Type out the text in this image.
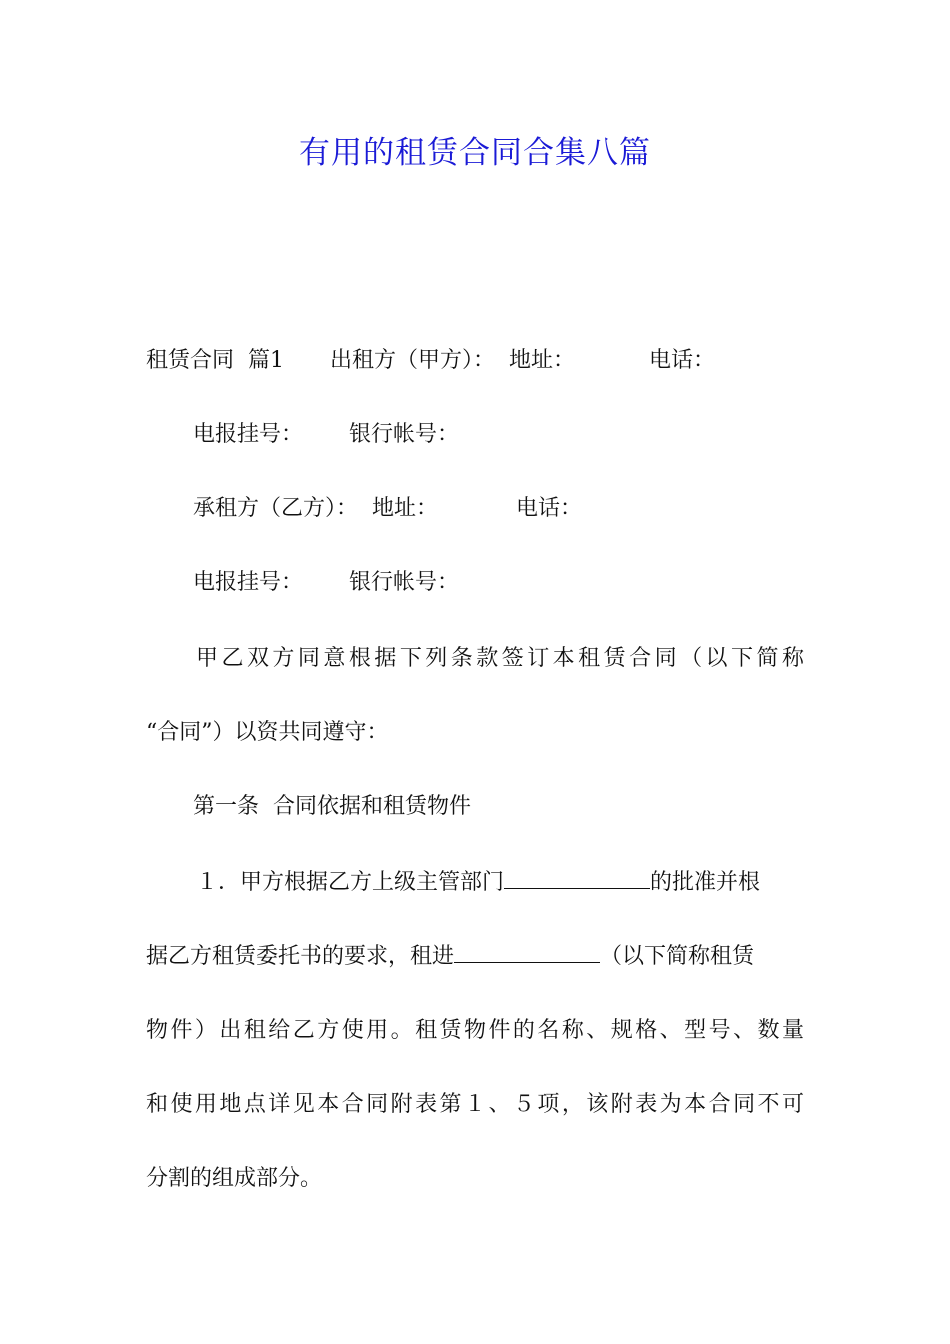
有用的租赁合同合集八篇
租赁合同 篇1 出租方（甲方）： 地址：	电话：
电报挂号： 银行帐号：
承租方（乙方）： 地址：	电话：
电报挂号： 银行帐号：
甲乙双方同意根据下列条款签订本租赁合同（以下简称
“合同”）以资共同遵守：
第一条  合同依据和租赁物件
１．甲方根据乙方上级主管部门	的批准并根
据乙方租赁委托书的要求，租进	（以下简称租赁
物件）出租给乙方使用。租赁物件的名称、规格、型号、数量
和使用地点详见本合同附表第１、５项，该附表为本合同不可
分割的组成部分。
